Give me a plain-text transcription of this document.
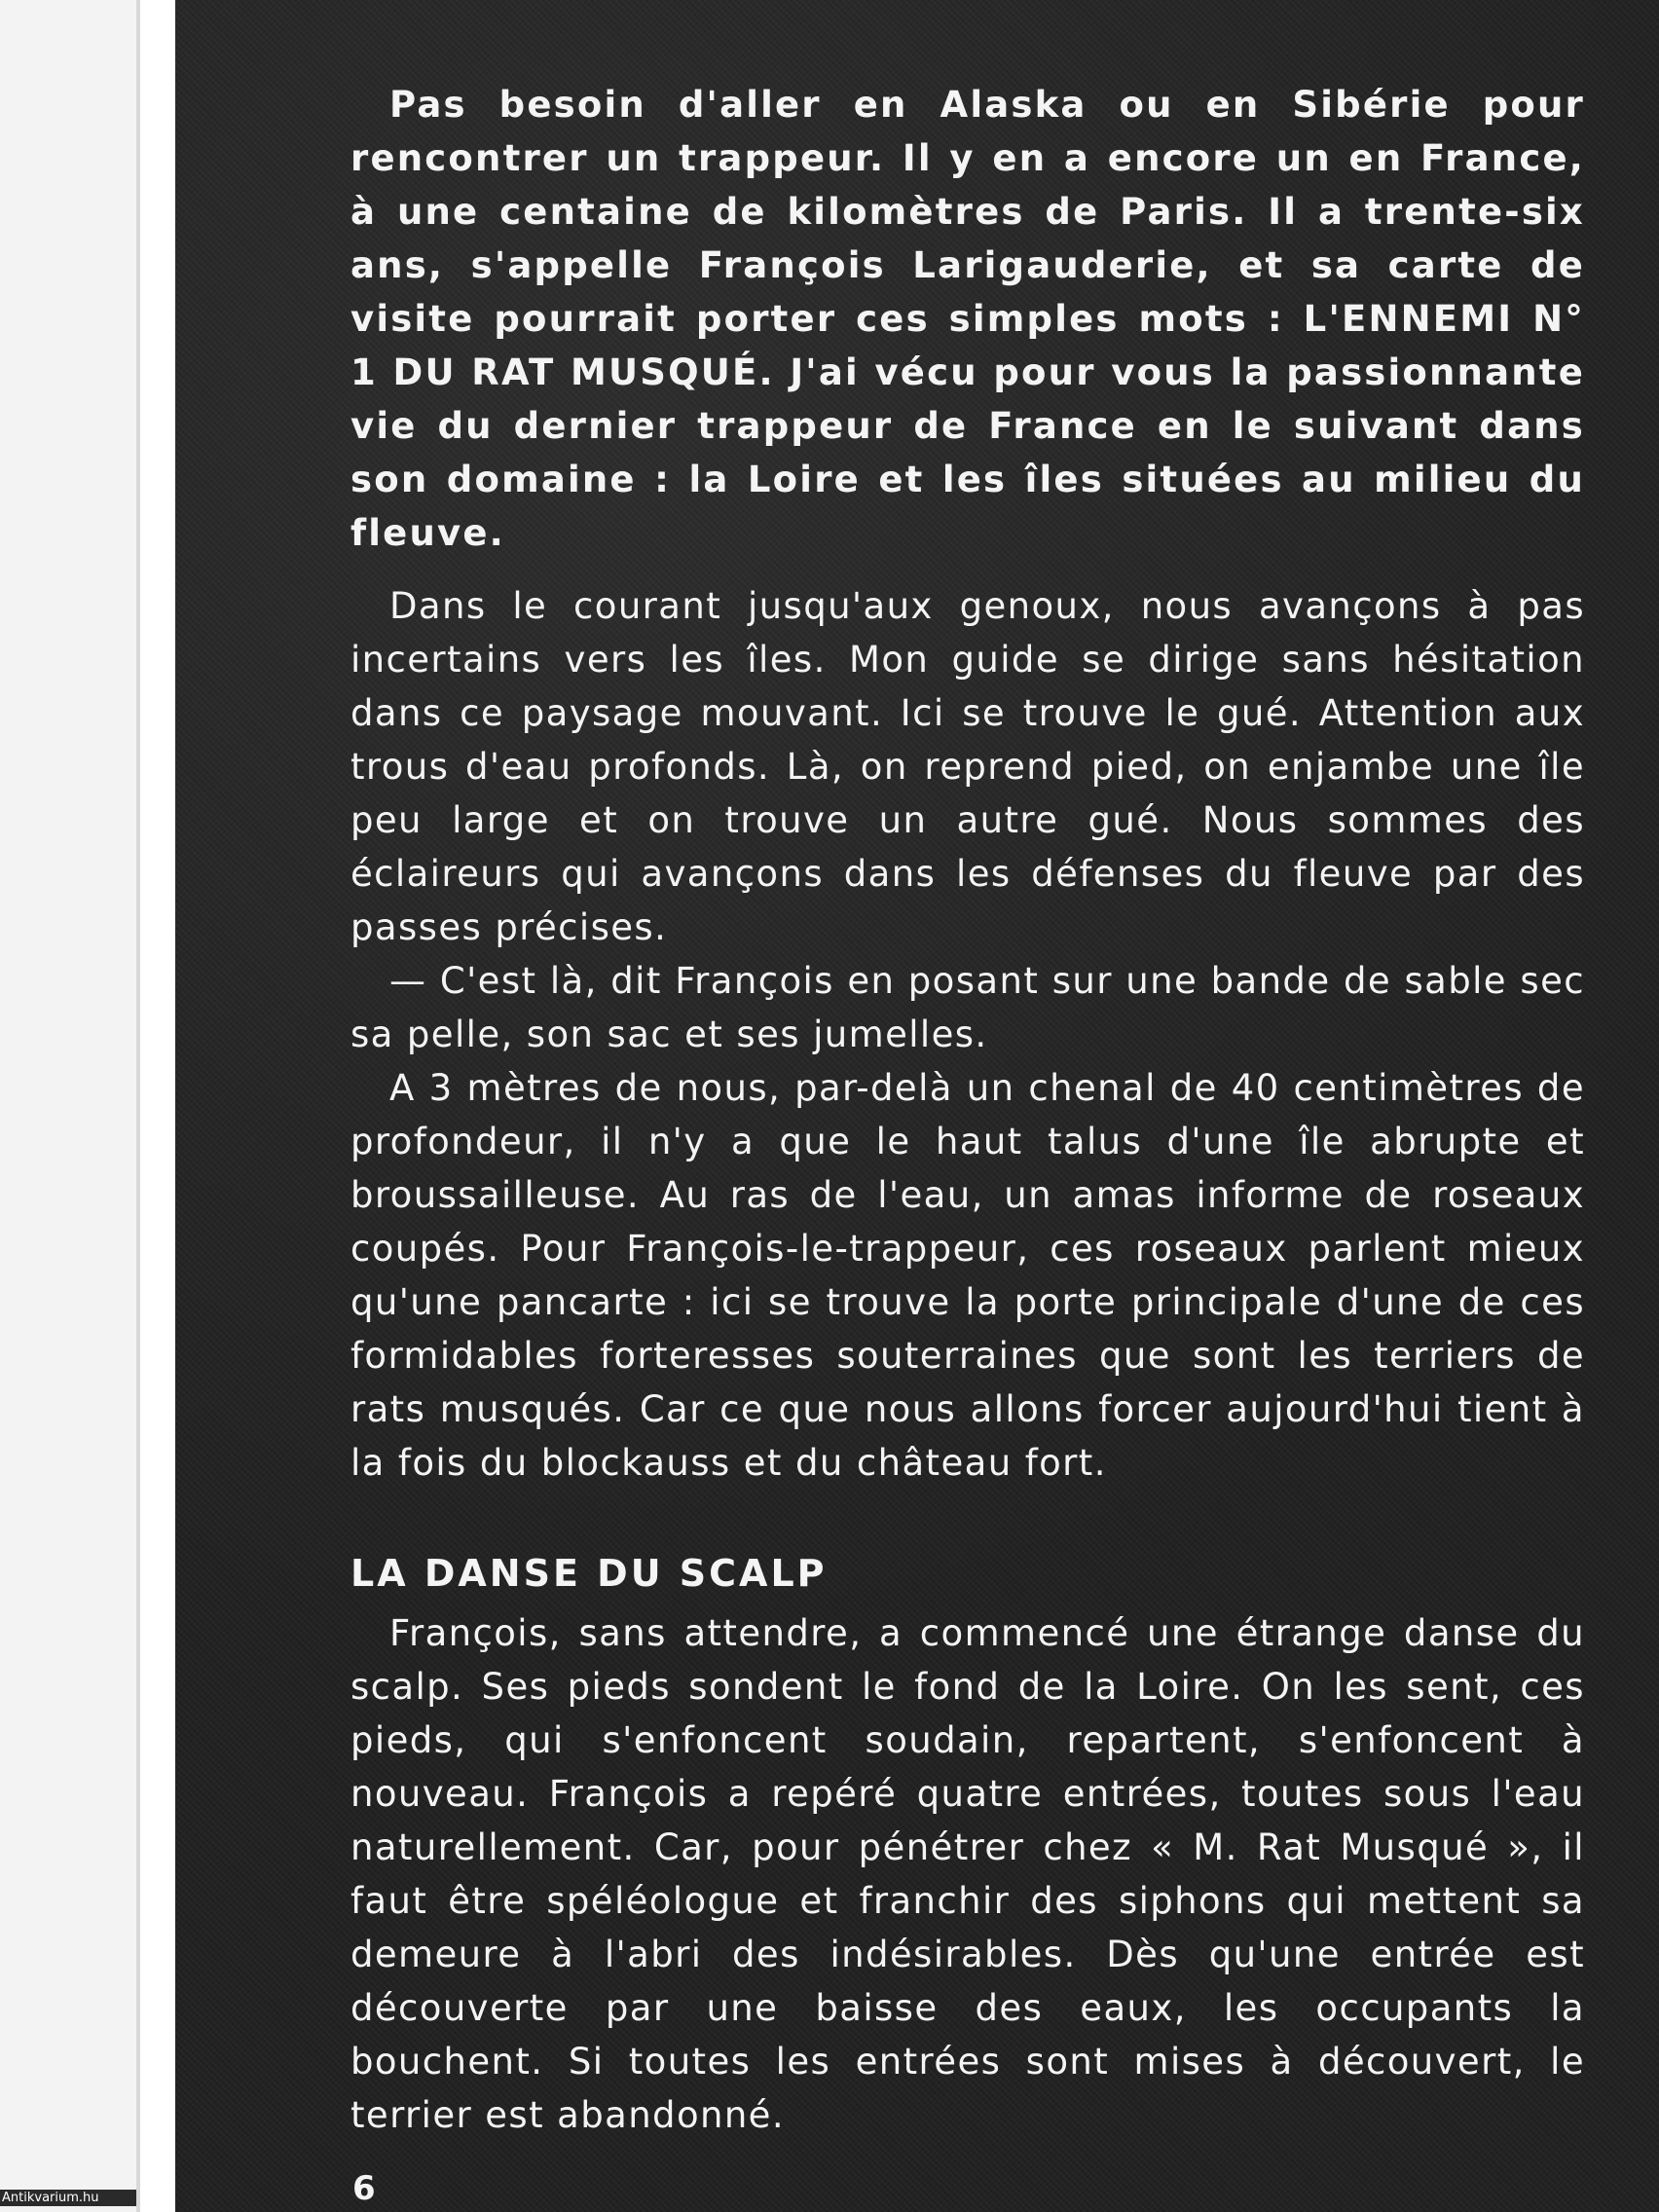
Antikvarium.hu

Pas besoin d'aller en Alaska ou en Sibérie pour rencontrer un trappeur. Il y en a encore un en France, à une centaine de kilomètres de Paris. Il a trente-six ans, s'appelle François Larigauderie, et sa carte de visite pourrait porter ces simples mots : L'ENNEMI N° 1 DU RAT MUSQUÉ. J'ai vécu pour vous la passionnante vie du dernier trappeur de France en le suivant dans son domaine : la Loire et les îles situées au milieu du fleuve.

Dans le courant jusqu'aux genoux, nous avançons à pas incertains vers les îles. Mon guide se dirige sans hésitation dans ce paysage mouvant. Ici se trouve le gué. Attention aux trous d'eau profonds. Là, on reprend pied, on enjambe une île peu large et on trouve un autre gué. Nous sommes des éclaireurs qui avançons dans les défenses du fleuve par des passes précises.

— C'est là, dit François en posant sur une bande de sable sec sa pelle, son sac et ses jumelles.

A 3 mètres de nous, par-delà un chenal de 40 centimètres de profondeur, il n'y a que le haut talus d'une île abrupte et broussailleuse. Au ras de l'eau, un amas informe de roseaux coupés. Pour François-le-trappeur, ces roseaux parlent mieux qu'une pancarte : ici se trouve la porte principale d'une de ces formidables forteresses souterraines que sont les terriers de rats musqués. Car ce que nous allons forcer aujourd'hui tient à la fois du blockauss et du château fort.

LA DANSE DU SCALP

François, sans attendre, a commencé une étrange danse du scalp. Ses pieds sondent le fond de la Loire. On les sent, ces pieds, qui s'enfoncent soudain, repartent, s'enfoncent à nouveau. François a repéré quatre entrées, toutes sous l'eau naturellement. Car, pour pénétrer chez « M. Rat Musqué », il faut être spéléologue et franchir des siphons qui mettent sa demeure à l'abri des indésirables. Dès qu'une entrée est découverte par une baisse des eaux, les occupants la bouchent. Si toutes les entrées sont mises à découvert, le terrier est abandonné.

6
